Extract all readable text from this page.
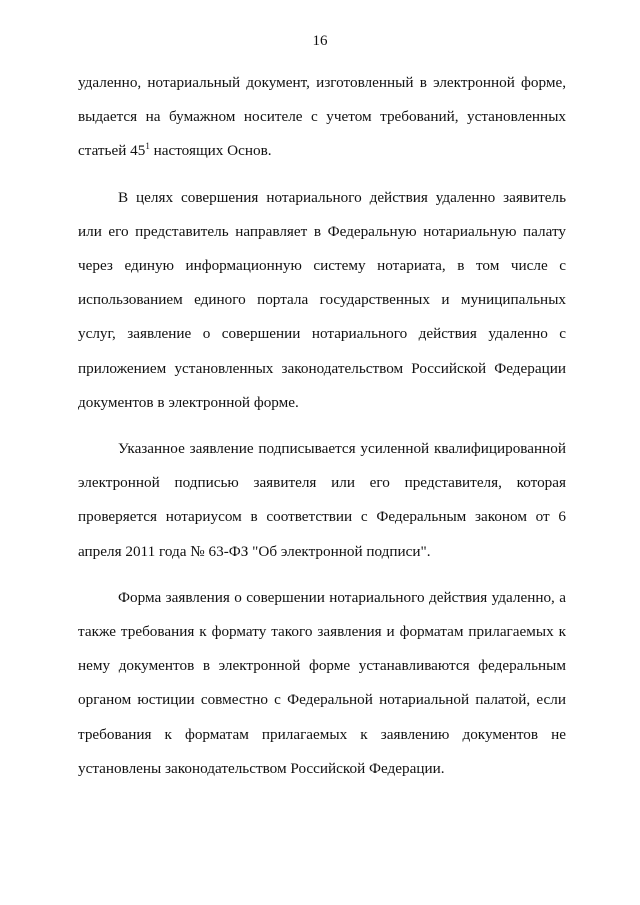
16

удаленно, нотариальный документ, изготовленный в электронной форме, выдается на бумажном носителе с учетом требований, установленных статьей $45^1$ настоящих Основ.

В целях совершения нотариального действия удаленно заявитель или его представитель направляет в Федеральную нотариальную палату через единую информационную систему нотариата, в том числе с использованием единого портала государственных и муниципальных услуг, заявление о совершении нотариального действия удаленно с приложением установленных законодательством Российской Федерации документов в электронной форме.

Указанное заявление подписывается усиленной квалифицированной электронной подписью заявителя или его представителя, которая проверяется нотариусом в соответствии с Федеральным законом от 6 апреля 2011 года № 63-ФЗ "Об электронной подписи".

Форма заявления о совершении нотариального действия удаленно, а также требования к формату такого заявления и форматам прилагаемых к нему документов в электронной форме устанавливаются федеральным органом юстиции совместно с Федеральной нотариальной палатой, если требования к форматам прилагаемых к заявлению документов не установлены законодательством Российской Федерации.
